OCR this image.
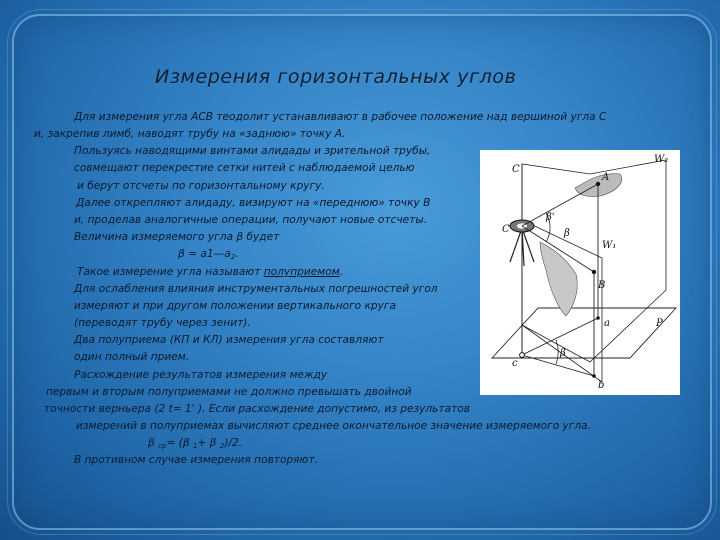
Измерения горизонтальных углов
Для измерения угла АСВ теодолит устанавливают в рабочее положение над вершиной угла С
и, закрепив лимб, наводят трубу на «заднюю» точку А.
Пользуясь наводящими винтами алидады и зрительной трубы,
совмещают перекрестие сетки нитей с наблюдаемой целью
и берут отсчеты по горизонтальному кругу.
Далее открепляют алидаду, визируют на «переднюю» точку В
и, проделав аналогичные операции, получают новые отсчеты.
Величина измеряемого угла β будет
$\beta = a1—a_2$.
Такое измерение угла называют полуприемом.
Для ослабления влияния инструментальных погрешностей угол
измеряют и при другом положении вертикального круга
(переводят трубу через зенит).
Два полуприема (КП и КЛ) измерения угла составляют
один полный прием.
Расхождение результатов измерения между
первым и вторым полуприемами не должно превышать двойной
точности верньера (2 t= 1' ). Если расхождение допустимо, из результатов
измерений в полуприемах вычисляют среднее окончательное значение измеряемого угла.
β $_{ср}$= (β $_1$+ β $_2$)/2.
В противном случае измерения повторяют.
W₂
W₁
C
A
B
C
β'
β
P
c
a
b
β
